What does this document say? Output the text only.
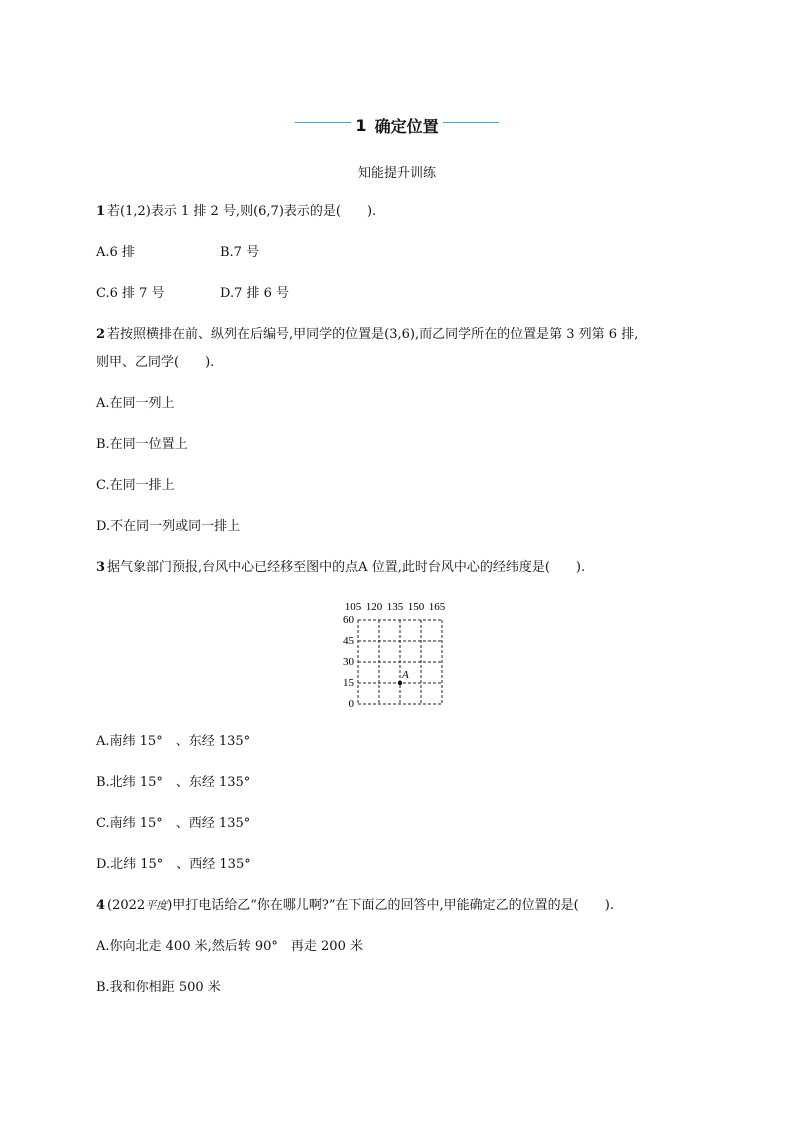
1 确定位置
知能提升训练
1 若(1,2)表示 1 排 2 号,则(6,7)表示的是(　　).
A.6 排	B.7 号
C.6 排 7 号	D.7 排 6 号
2 若按照横排在前、纵列在后编号,甲同学的位置是(3,6),而乙同学所在的位置是第 3 列第 6 排,
则甲、乙同学(　　).
A.在同一列上
B.在同一位置上
C.在同一排上
D.不在同一列或同一排上
3 据气象部门预报,台风中心已经移至图中的点A 位置,此时台风中心的经纬度是(　　).
105 120 135 150 165
60
45
30
15
0
A
A.南纬 15°　、东经 135°
B.北纬 15°　、东经 135°
C.南纬 15°　、西经 135°
D.北纬 15°　、西经 135°
4 (2022平度)甲打电话给乙“你在哪儿啊?”在下面乙的回答中,甲能确定乙的位置的是(　　).
A.你向北走 400 米,然后转 90°　再走 200 米
B.我和你相距 500 米
